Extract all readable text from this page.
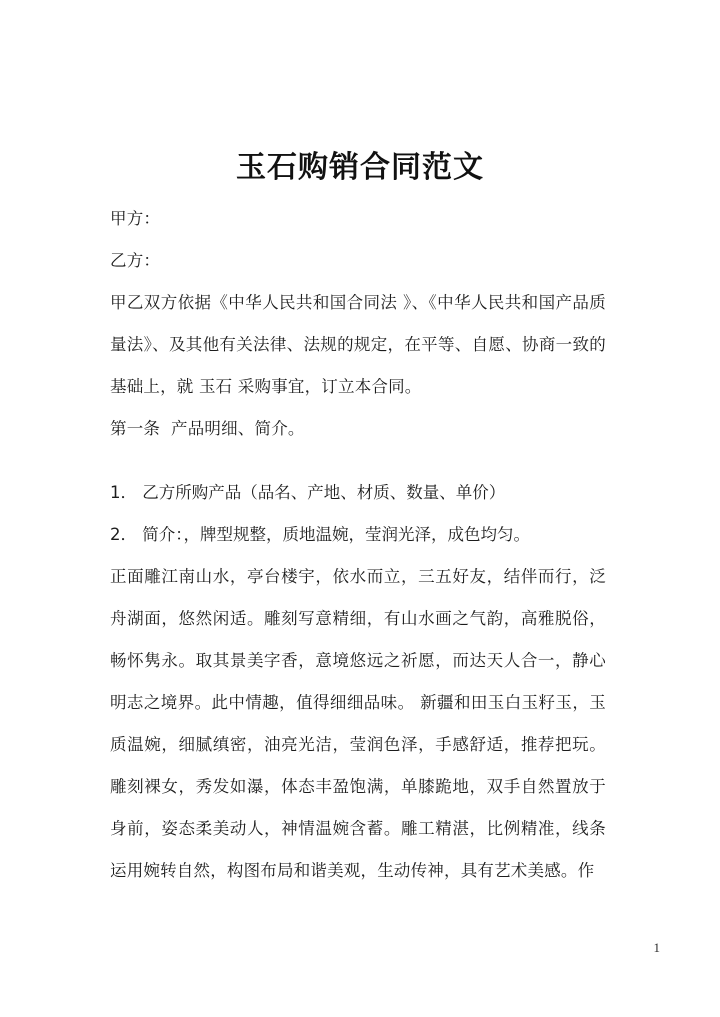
玉石购销合同范文

甲方：

乙方：

甲乙双方依据《中华人民共和国合同法 》、《中华人民共和国产品质量法》、及其他有关法律、法规的规定，在平等、自愿、协商一致的基础上，就 玉石 采购事宜，订立本合同。

第一条  产品明细、简介。

1． 乙方所购产品（品名、产地、材质、数量、单价）

2． 简介：，牌型规整，质地温婉，莹润光泽，成色均匀。

正面雕江南山水，亭台楼宇，依水而立，三五好友，结伴而行，泛舟湖面，悠然闲适。雕刻写意精细，有山水画之气韵，高雅脱俗，畅怀隽永。取其景美字香，意境悠远之祈愿，而达天人合一，静心明志之境界。此中情趣，值得细细品味。 新疆和田玉白玉籽玉，玉质温婉，细腻缜密，油亮光洁，莹润色泽，手感舒适，推荐把玩。雕刻裸女，秀发如瀑，体态丰盈饱满，单膝跪地，双手自然置放于身前，姿态柔美动人，神情温婉含蓄。雕工精湛，比例精准，线条运用婉转自然，构图布局和谐美观，生动传神，具有艺术美感。作

1
